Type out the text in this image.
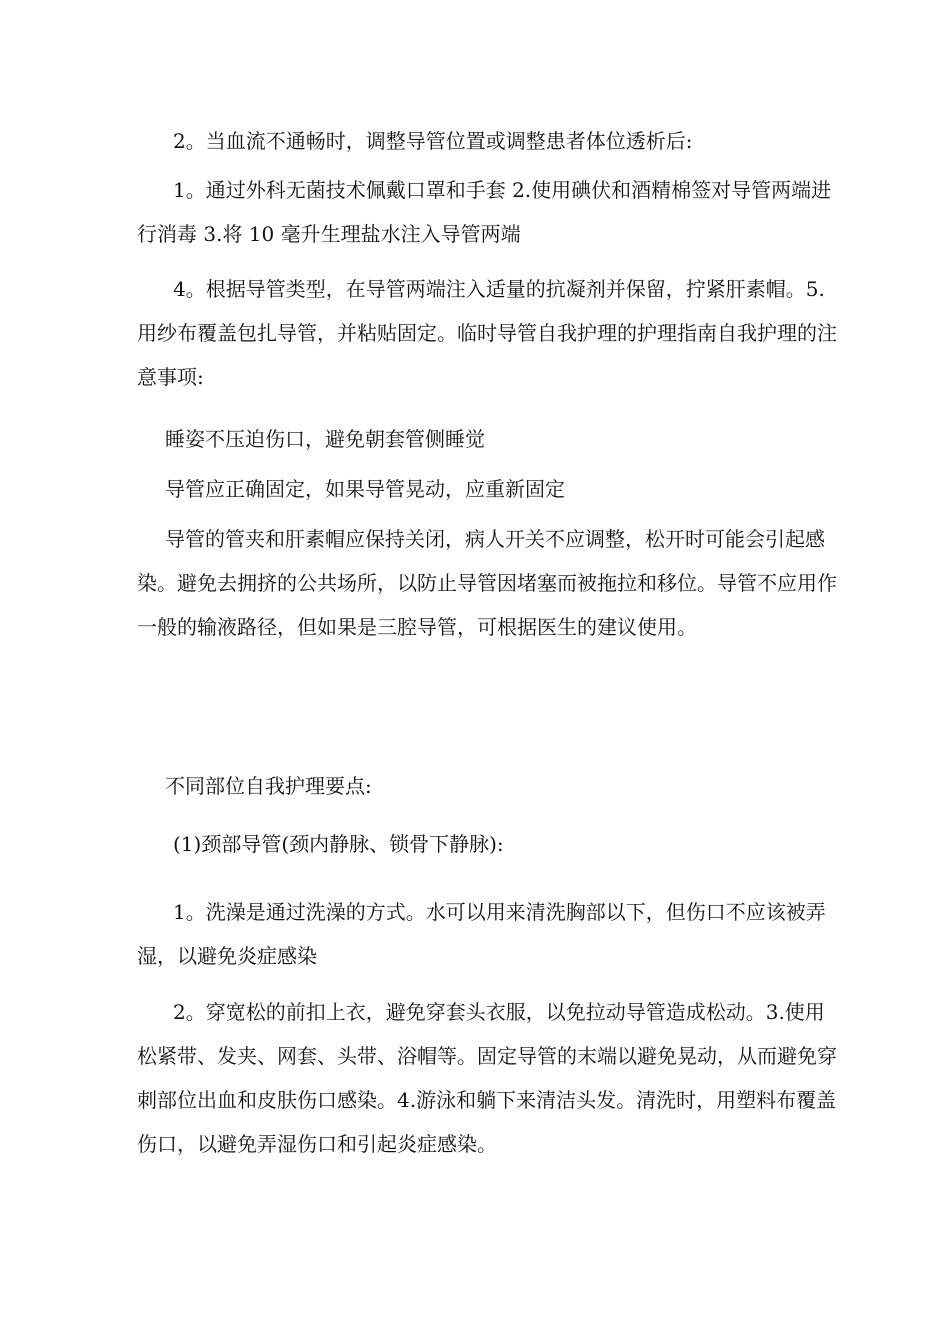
2。当血流不通畅时，调整导管位置或调整患者体位透析后:

1。通过外科无菌技术佩戴口罩和手套 2.使用碘伏和酒精棉签对导管两端进行消毒 3.将 10 毫升生理盐水注入导管两端

4。根据导管类型，在导管两端注入适量的抗凝剂并保留，拧紧肝素帽。5.用纱布覆盖包扎导管，并粘贴固定。临时导管自我护理的护理指南自我护理的注意事项:

睡姿不压迫伤口，避免朝套管侧睡觉

导管应正确固定，如果导管晃动，应重新固定

导管的管夹和肝素帽应保持关闭，病人开关不应调整，松开时可能会引起感染。避免去拥挤的公共场所，以防止导管因堵塞而被拖拉和移位。导管不应用作一般的输液路径，但如果是三腔导管，可根据医生的建议使用。

不同部位自我护理要点:

(1)颈部导管(颈内静脉、锁骨下静脉):

1。洗澡是通过洗澡的方式。水可以用来清洗胸部以下，但伤口不应该被弄湿，以避免炎症感染

2。穿宽松的前扣上衣，避免穿套头衣服，以免拉动导管造成松动。3.使用松紧带、发夹、网套、头带、浴帽等。固定导管的末端以避免晃动，从而避免穿刺部位出血和皮肤伤口感染。4.游泳和躺下来清洁头发。清洗时，用塑料布覆盖伤口，以避免弄湿伤口和引起炎症感染。
